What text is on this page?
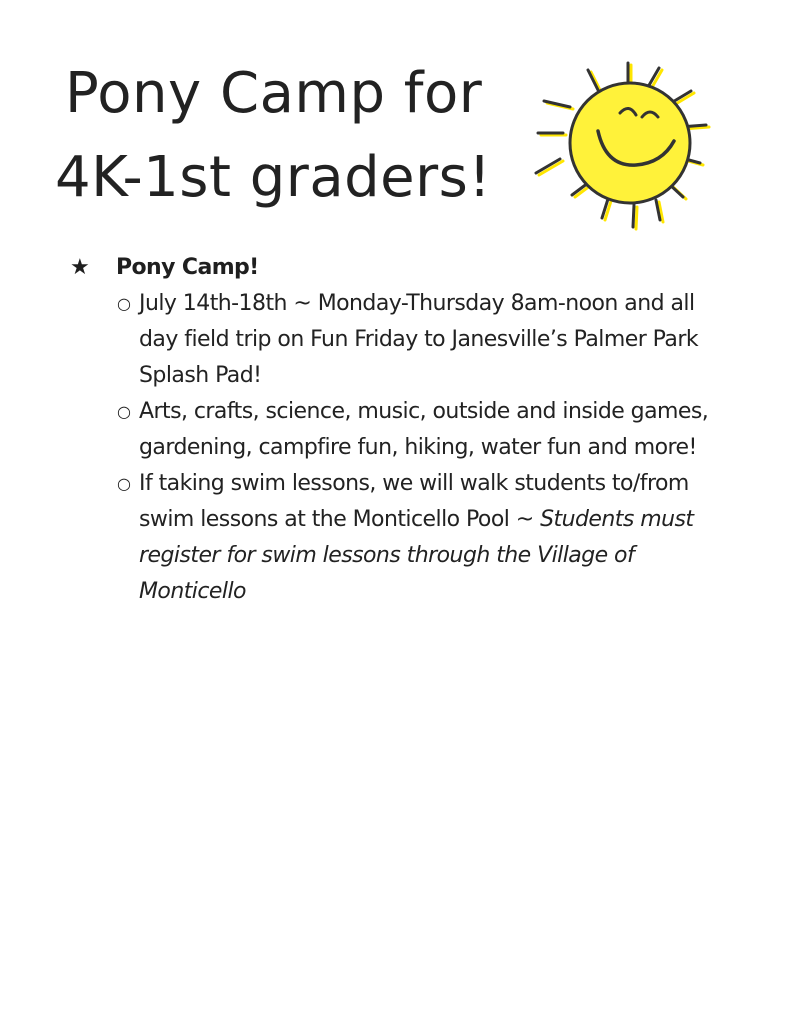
Pony Camp for
4K-1st graders!
★	Pony Camp!
○ July 14th-18th ~ Monday-Thursday 8am-noon and all day field trip on Fun Friday to Janesville’s Palmer Park Splash Pad!
○ Arts, crafts, science, music, outside and inside games, gardening, campfire fun, hiking, water fun and more!
○ If taking swim lessons, we will walk students to/from swim lessons at the Monticello Pool ~ Students must register for swim lessons through the Village of Monticello
